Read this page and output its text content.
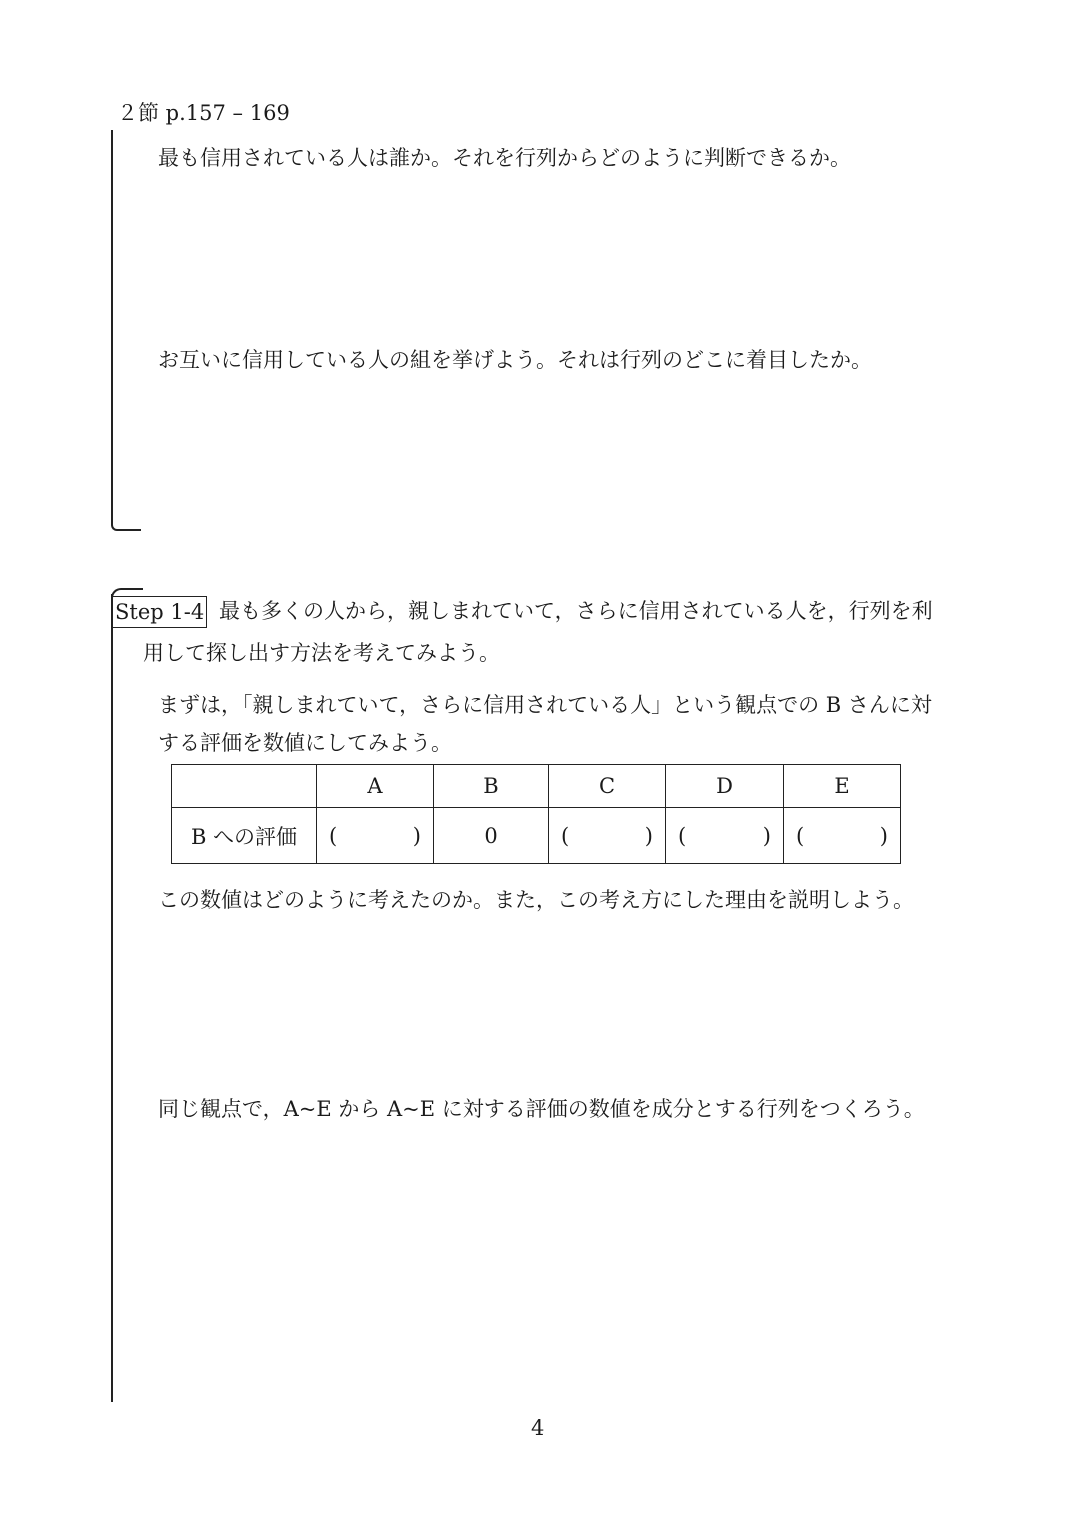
２節 p.157 – 169
最も信用されている人は誰か。それを行列からどのように判断できるか。
お互いに信用している人の組を挙げよう。それは行列のどこに着目したか。
Step 1-4 最も多くの人から，親しまれていて，さらに信用されている人を，行列を利
用して探し出す方法を考えてみよう。
まずは，「親しまれていて，さらに信用されている人」という観点での B さんに対
する評価を数値にしてみよう。
	A	B	C	D	E
B への評価	( )	0	( )	( )	( )
この数値はどのように考えたのか。また，この考え方にした理由を説明しよう。
同じ観点で，A~E から A~E に対する評価の数値を成分とする行列をつくろう。
4
